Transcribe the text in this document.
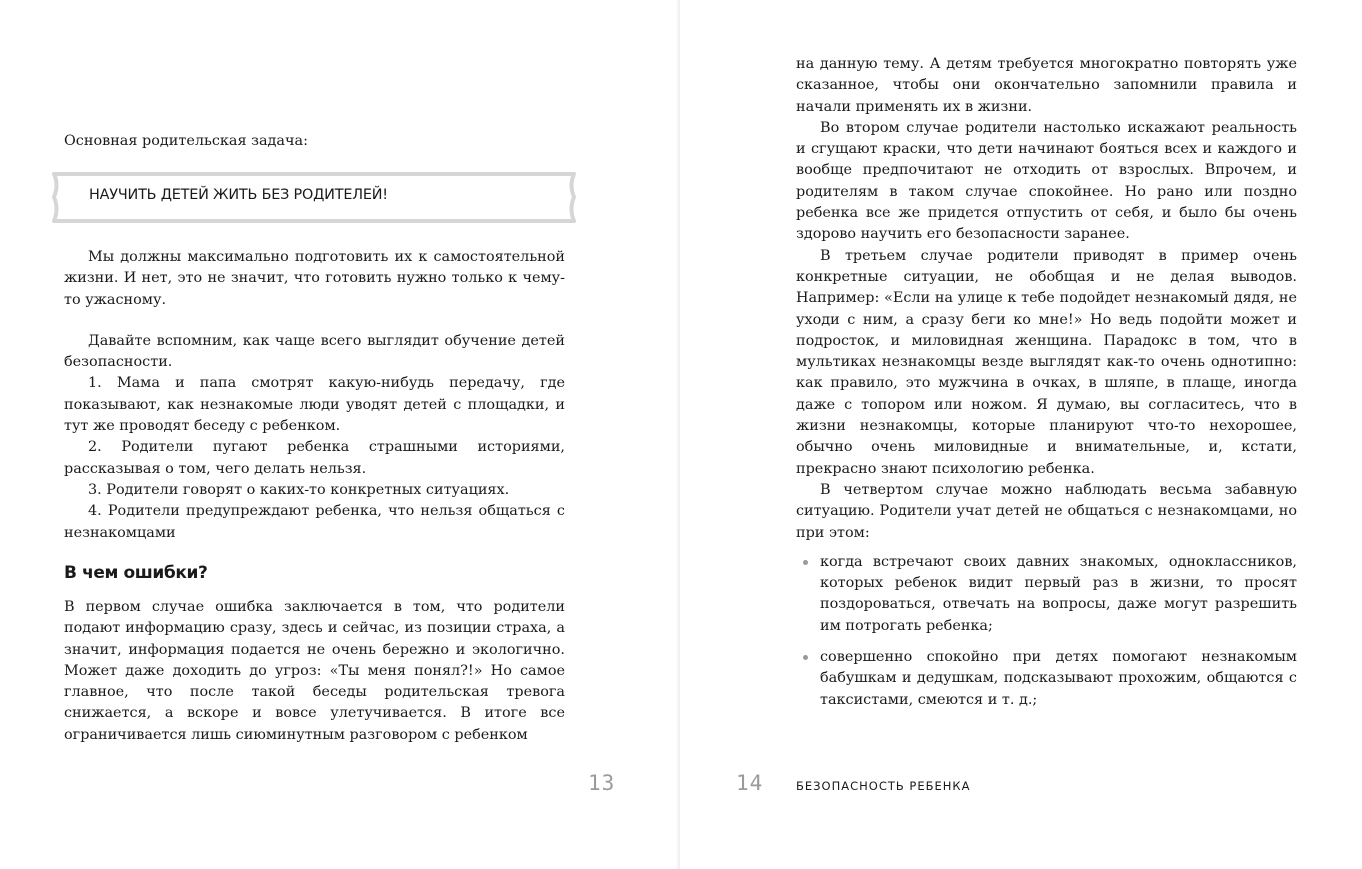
Основная родительская задача:

НАУЧИТЬ ДЕТЕЙ ЖИТЬ БЕЗ РОДИТЕЛЕЙ!

Мы должны максимально подготовить их к самостоятельной жизни. И нет, это не значит, что готовить нужно только к чему-то ужасному.

Давайте вспомним, как чаще всего выглядит обучение детей безопасности.

1. Мама и папа смотрят какую-нибудь передачу, где показывают, как незнакомые люди уводят детей с площадки, и тут же проводят беседу с ребенком.

2. Родители пугают ребенка страшными историями, рассказывая о том, чего делать нельзя.

3. Родители говорят о каких-то конкретных ситуациях.

4. Родители предупреждают ребенка, что нельзя общаться с незнакомцами

В чем ошибки?

В первом случае ошибка заключается в том, что родители подают информацию сразу, здесь и сейчас, из позиции страха, а значит, информация подается не очень бережно и экологично. Может даже доходить до угроз: «Ты меня понял?!» Но самое главное, что после такой беседы родительская тревога снижается, а вскоре и вовсе улетучивается. В итоге все ограничивается лишь сиюминутным разговором с ребенком

13

на данную тему. А детям требуется многократно повторять уже сказанное, чтобы они окончательно запомнили правила и начали применять их в жизни.

Во втором случае родители настолько искажают реальность и сгущают краски, что дети начинают бояться всех и каждого и вообще предпочитают не отходить от взрослых. Впрочем, и родителям в таком случае спокойнее. Но рано или поздно ребенка все же придется отпустить от себя, и было бы очень здорово научить его безопасности заранее.

В третьем случае родители приводят в пример очень конкретные ситуации, не обобщая и не делая выводов. Например: «Если на улице к тебе подойдет незнакомый дядя, не уходи с ним, а сразу беги ко мне!» Но ведь подойти может и подросток, и миловидная женщина. Парадокс в том, что в мультиках незнакомцы везде выглядят как-то очень однотипно: как правило, это мужчина в очках, в шляпе, в плаще, иногда даже с топором или ножом. Я думаю, вы согласитесь, что в жизни незнакомцы, которые планируют что-то нехорошее, обычно очень миловидные и внимательные, и, кстати, прекрасно знают психологию ребенка.

В четвертом случае можно наблюдать весьма забавную ситуацию. Родители учат детей не общаться с незнакомцами, но при этом:

когда встречают своих давних знакомых, одноклассников, которых ребенок видит первый раз в жизни, то просят поздороваться, отвечать на вопросы, даже могут разрешить им потрогать ребенка;
совершенно спокойно при детях помогают незнакомым бабушкам и дедушкам, подсказывают прохожим, общаются с таксистами, смеются и т. д.;
14	БЕЗОПАСНОСТЬ РЕБЕНКА
